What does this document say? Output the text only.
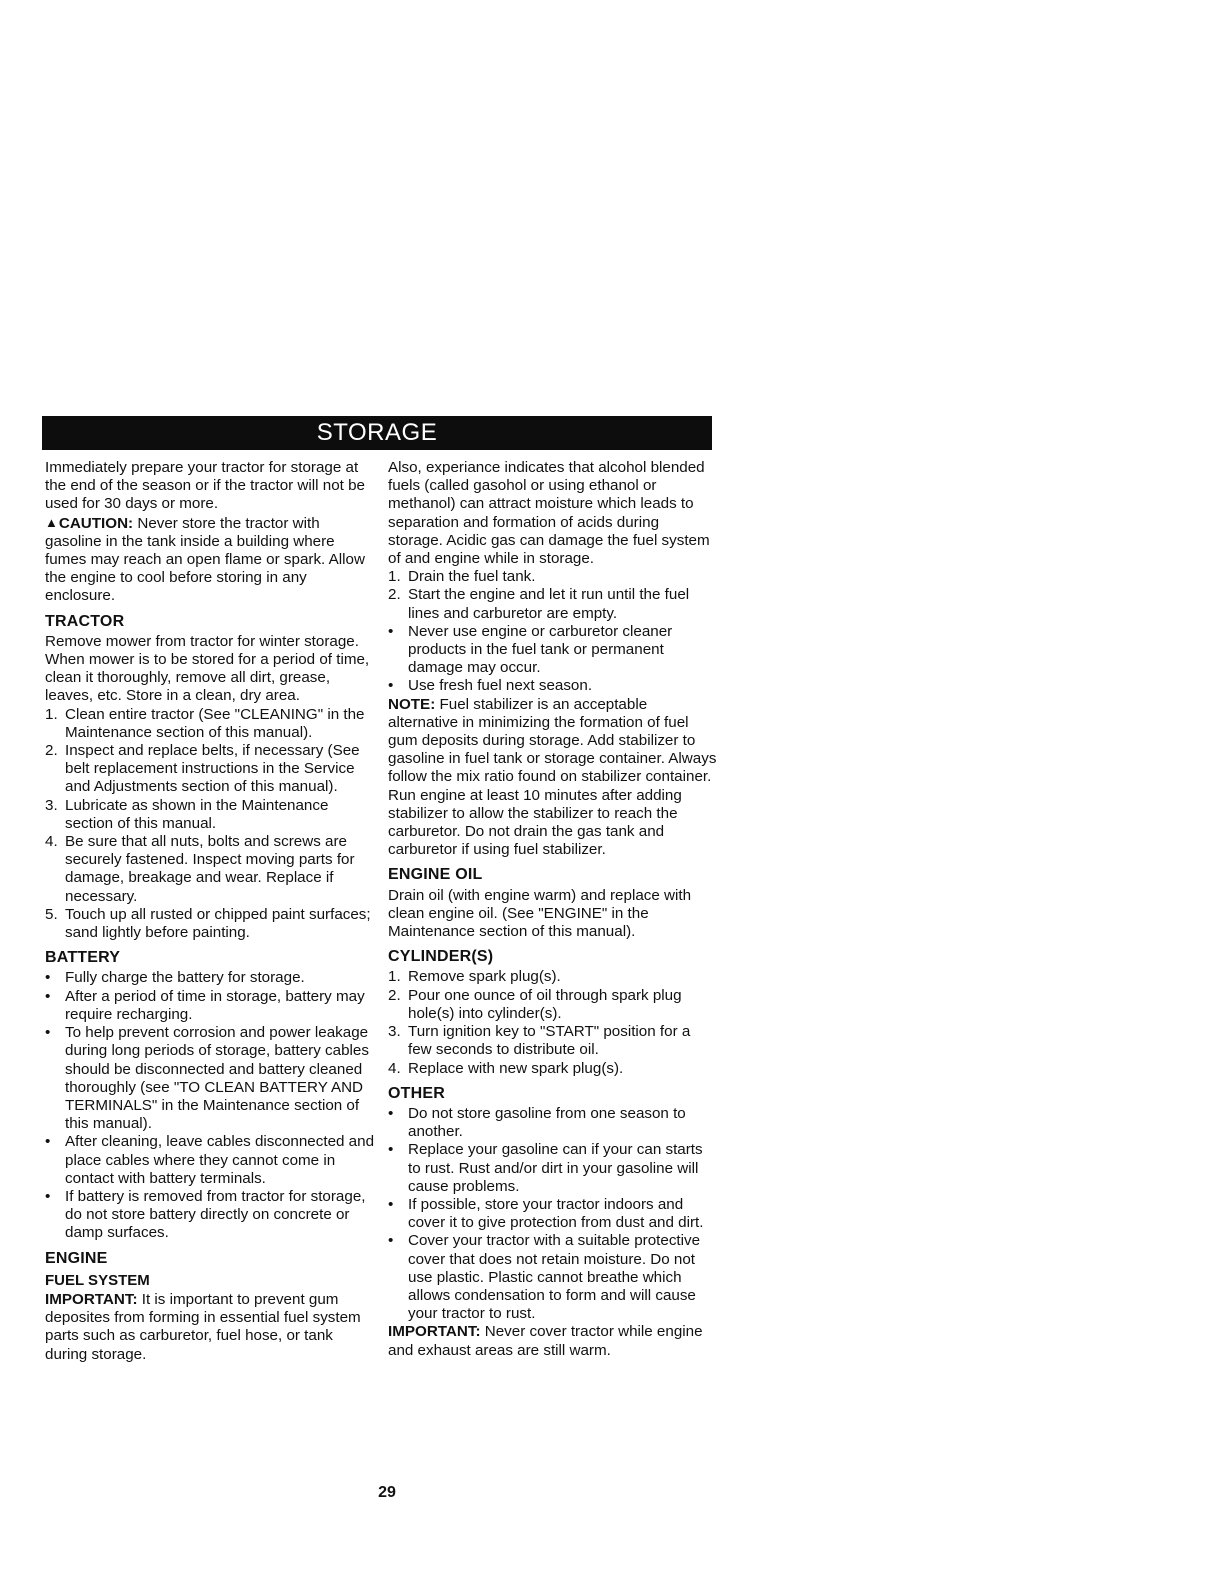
STORAGE

Immediately prepare your tractor for storage at the end of the season or if the tractor will not be used for 30 days or more.

▲CAUTION: Never store the tractor with gasoline in the tank inside a building where fumes may reach an open flame or spark. Allow the engine to cool before storing in any enclosure.

TRACTOR

Remove mower from tractor for winter storage. When mower is to be stored for a period of time, clean it thoroughly, remove all dirt, grease, leaves, etc. Store in a clean, dry area.

1. Clean entire tractor (See "CLEANING" in the Maintenance section of this manual).
2. Inspect and replace belts, if necessary (See belt replacement instructions in the Service and Adjustments section of this manual).
3. Lubricate as shown in the Maintenance section of this manual.
4. Be sure that all nuts, bolts and screws are securely fastened. Inspect moving parts for damage, breakage and wear. Replace if necessary.
5. Touch up all rusted or chipped paint surfaces; sand lightly before painting.
BATTERY
• Fully charge the battery for storage.
• After a period of time in storage, battery may require recharging.
• To help prevent corrosion and power leakage during long periods of storage, battery cables should be disconnected and battery cleaned thoroughly (see "TO CLEAN BATTERY AND TERMINALS" in the Maintenance section of this manual).
• After cleaning, leave cables disconnected and place cables where they cannot come in contact with battery terminals.
• If battery is removed from tractor for storage, do not store battery directly on concrete or damp surfaces.
ENGINE
FUEL SYSTEM

IMPORTANT: It is important to prevent gum deposites from forming in essential fuel system parts such as carburetor, fuel hose, or tank during storage.

Also, experiance indicates that alcohol blended fuels (called gasohol or using ethanol or methanol) can attract moisture which leads to separation and formation of acids during storage. Acidic gas can damage the fuel system of and engine while in storage.

1. Drain the fuel tank.
2. Start the engine and let it run until the fuel lines and carburetor are empty.
• Never use engine or carburetor cleaner products in the fuel tank or permanent damage may occur.
• Use fresh fuel next season.

NOTE: Fuel stabilizer is an acceptable alternative in minimizing the formation of fuel gum deposits during storage. Add stabilizer to gasoline in fuel tank or storage container. Always follow the mix ratio found on stabilizer container. Run engine at least 10 minutes after adding stabilizer to allow the stabilizer to reach the carburetor. Do not drain the gas tank and carburetor if using fuel stabilizer.

ENGINE OIL

Drain oil (with engine warm) and replace with clean engine oil. (See "ENGINE" in the Maintenance section of this manual).

CYLINDER(S)
1. Remove spark plug(s).
2. Pour one ounce of oil through spark plug hole(s) into cylinder(s).
3. Turn ignition key to "START" position for a few seconds to distribute oil.
4. Replace with new spark plug(s).
OTHER
• Do not store gasoline from one season to another.
• Replace your gasoline can if your can starts to rust. Rust and/or dirt in your gasoline will cause problems.
• If possible, store your tractor indoors and cover it to give protection from dust and dirt.
• Cover your tractor with a suitable protective cover that does not retain moisture. Do not use plastic. Plastic cannot breathe which allows condensation to form and will cause your tractor to rust.

IMPORTANT: Never cover tractor while engine and exhaust areas are still warm.

29
